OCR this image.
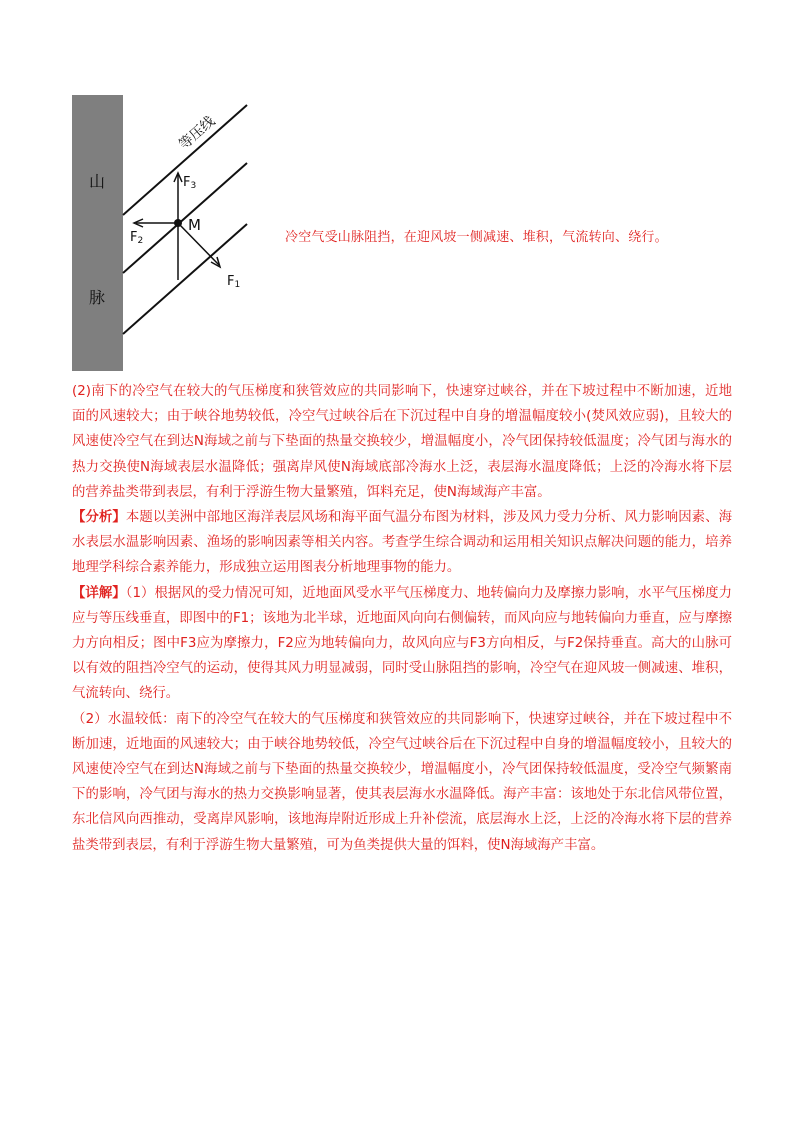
山
脉
等压线
M
F3
F2
F1
冷空气受山脉阻挡，在迎风坡一侧减速、堆积，气流转向、绕行。

(2)南下的冷空气在较大的气压梯度和狭管效应的共同影响下，快速穿过峡谷，并在下坡过程中不断加速，近地面的风速较大；由于峡谷地势较低，冷空气过峡谷后在下沉过程中自身的增温幅度较小(焚风效应弱)，且较大的风速使冷空气在到达N海域之前与下垫面的热量交换较少，增温幅度小，冷气团保持较低温度；冷气团与海水的热力交换使N海域表层水温降低；强离岸风使N海域底部冷海水上泛，表层海水温度降低；上泛的冷海水将下层的营养盐类带到表层，有利于浮游生物大量繁殖，饵料充足，使N海域海产丰富。

【分析】本题以美洲中部地区海洋表层风场和海平面气温分布图为材料，涉及风力受力分析、风力影响因素、海水表层水温影响因素、渔场的影响因素等相关内容。考查学生综合调动和运用相关知识点解决问题的能力，培养地理学科综合素养能力，形成独立运用图表分析地理事物的能力。

【详解】（1）根据风的受力情况可知，近地面风受水平气压梯度力、地转偏向力及摩擦力影响，水平气压梯度力应与等压线垂直，即图中的F1；该地为北半球，近地面风向向右侧偏转，而风向应与地转偏向力垂直，应与摩擦力方向相反；图中F3应为摩擦力，F2应为地转偏向力，故风向应与F3方向相反，与F2保持垂直。高大的山脉可以有效的阻挡冷空气的运动，使得其风力明显减弱，同时受山脉阻挡的影响，冷空气在迎风坡一侧减速、堆积，气流转向、绕行。

（2）水温较低：南下的冷空气在较大的气压梯度和狭管效应的共同影响下，快速穿过峡谷，并在下坡过程中不断加速，近地面的风速较大；由于峡谷地势较低，冷空气过峡谷后在下沉过程中自身的增温幅度较小，且较大的风速使冷空气在到达N海域之前与下垫面的热量交换较少，增温幅度小，冷气团保持较低温度，受冷空气频繁南下的影响，冷气团与海水的热力交换影响显著，使其表层海水水温降低。海产丰富：该地处于东北信风带位置，东北信风向西推动，受离岸风影响，该地海岸附近形成上升补偿流，底层海水上泛，上泛的冷海水将下层的营养盐类带到表层，有利于浮游生物大量繁殖，可为鱼类提供大量的饵料，使N海域海产丰富。
